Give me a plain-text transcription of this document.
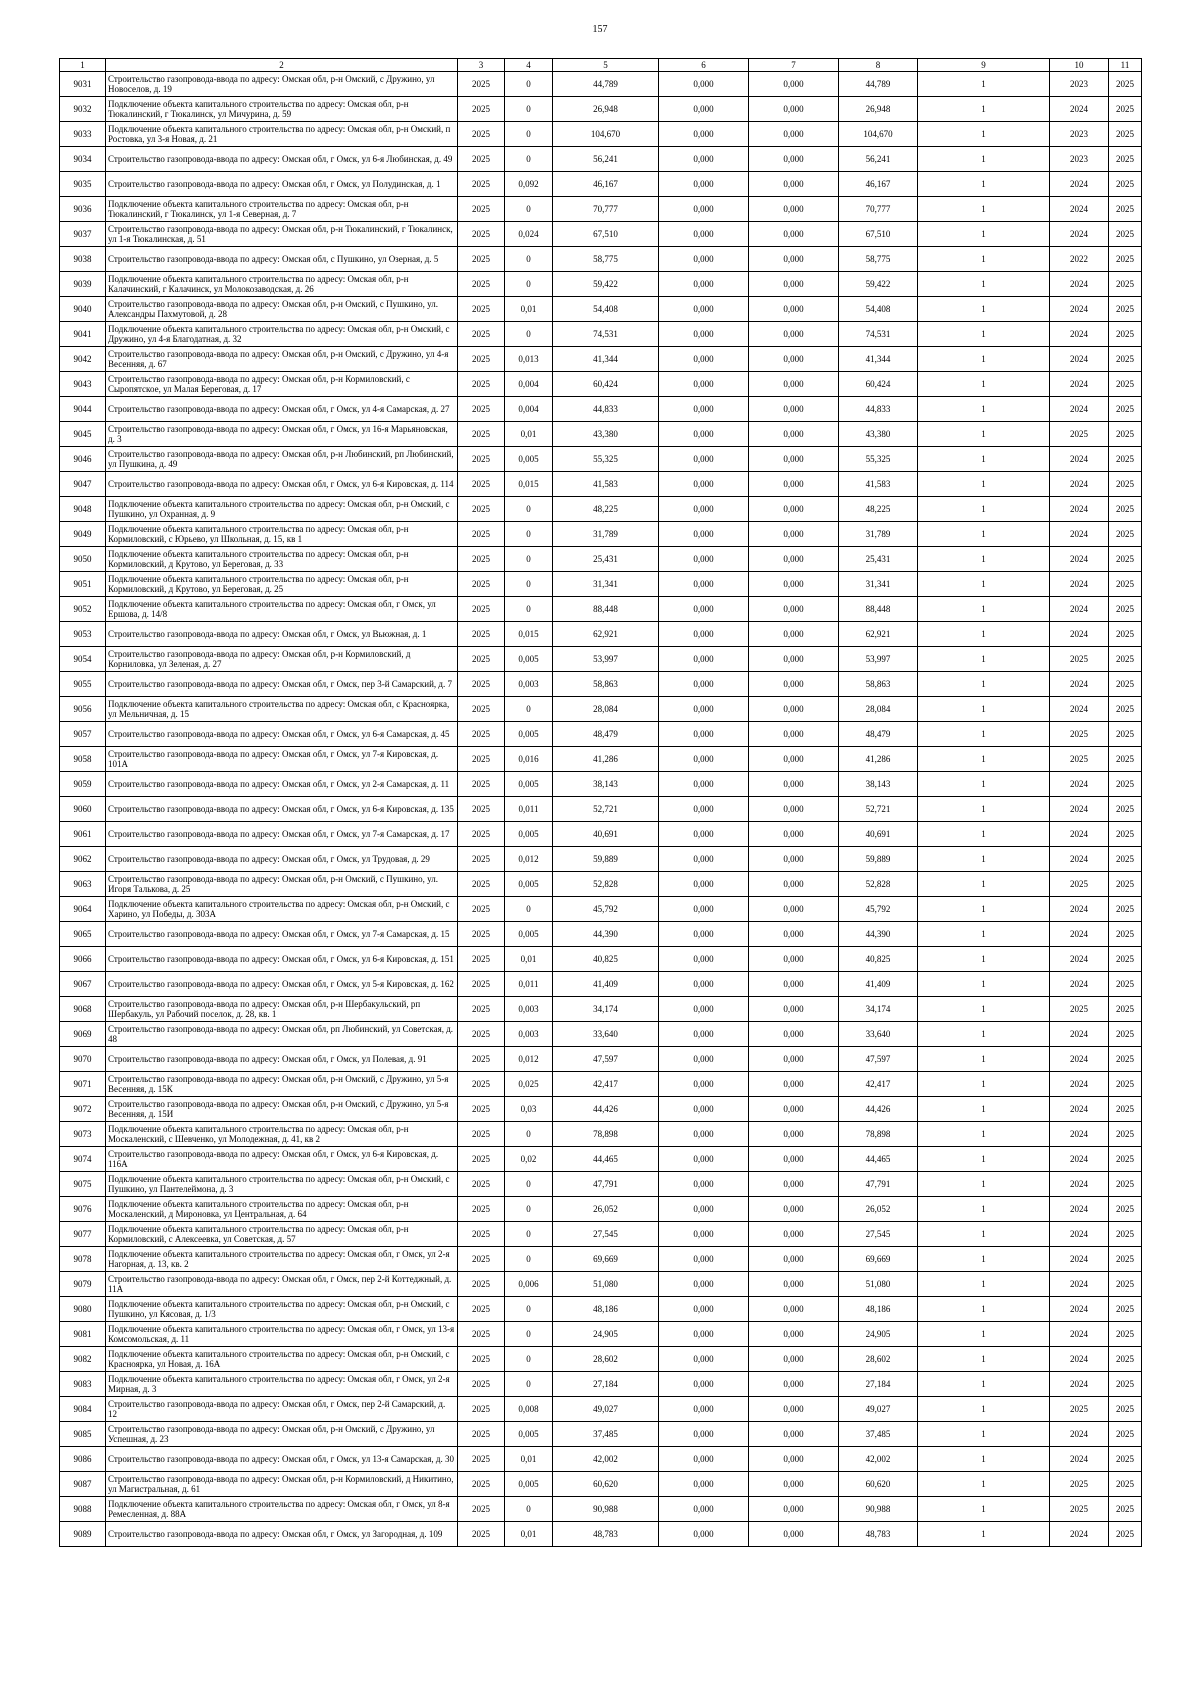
157
1	2	3	4	5	6	7	8	9	10	11
9031	Строительство газопровода-ввода по адресу: Омская обл, р-н Омский, с Дружино, ул Новоселов, д. 19	2025	0	44,789	0,000	0,000	44,789	1	2023	2025
9032	Подключение объекта капитального строительства по адресу: Омская обл, р-н Тюкалинский, г Тюкалинск, ул Мичурина, д. 59	2025	0	26,948	0,000	0,000	26,948	1	2024	2025
9033	Подключение объекта капитального строительства по адресу: Омская обл, р-н Омский, п Ростовка, ул 3-я Новая, д. 21	2025	0	104,670	0,000	0,000	104,670	1	2023	2025
9034	Строительство газопровода-ввода по адресу: Омская обл, г Омск, ул 6-я Любинская, д. 49	2025	0	56,241	0,000	0,000	56,241	1	2023	2025
9035	Строительство газопровода-ввода по адресу: Омская обл, г Омск, ул Полудинская, д. 1	2025	0,092	46,167	0,000	0,000	46,167	1	2024	2025
9036	Подключение объекта капитального строительства по адресу: Омская обл, р-н Тюкалинский, г Тюкалинск, ул 1-я Северная, д. 7	2025	0	70,777	0,000	0,000	70,777	1	2024	2025
9037	Строительство газопровода-ввода по адресу: Омская обл, р-н Тюкалинский, г Тюкалинск, ул 1-я Тюкалинская, д. 51	2025	0,024	67,510	0,000	0,000	67,510	1	2024	2025
9038	Строительство газопровода-ввода по адресу: Омская обл, с Пушкино, ул Озерная, д. 5	2025	0	58,775	0,000	0,000	58,775	1	2022	2025
9039	Подключение объекта капитального строительства по адресу: Омская обл, р-н Калачинский, г Калачинск, ул Молокозаводская, д. 26	2025	0	59,422	0,000	0,000	59,422	1	2024	2025
9040	Строительство газопровода-ввода по адресу: Омская обл, р-н Омский, с Пушкино, ул. Александры Пахмутовой, д. 28	2025	0,01	54,408	0,000	0,000	54,408	1	2024	2025
9041	Подключение объекта капитального строительства по адресу: Омская обл, р-н Омский, с Дружино, ул 4-я Благодатная, д. 32	2025	0	74,531	0,000	0,000	74,531	1	2024	2025
9042	Строительство газопровода-ввода по адресу: Омская обл, р-н Омский, с Дружино, ул 4-я Весенняя, д. 67	2025	0,013	41,344	0,000	0,000	41,344	1	2024	2025
9043	Строительство газопровода-ввода по адресу: Омская обл, р-н Кормиловский, с Сыропятское, ул Малая Береговая, д. 17	2025	0,004	60,424	0,000	0,000	60,424	1	2024	2025
9044	Строительство газопровода-ввода по адресу: Омская обл, г Омск, ул 4-я Самарская, д. 27	2025	0,004	44,833	0,000	0,000	44,833	1	2024	2025
9045	Строительство газопровода-ввода по адресу: Омская обл, г Омск, ул 16-я Марьяновская, д. 3	2025	0,01	43,380	0,000	0,000	43,380	1	2025	2025
9046	Строительство газопровода-ввода по адресу: Омская обл, р-н Любинский, рп Любинский, ул Пушкина, д. 49	2025	0,005	55,325	0,000	0,000	55,325	1	2024	2025
9047	Строительство газопровода-ввода по адресу: Омская обл, г Омск, ул 6-я Кировская, д. 114	2025	0,015	41,583	0,000	0,000	41,583	1	2024	2025
9048	Подключение объекта капитального строительства по адресу: Омская обл, р-н Омский, с Пушкино, ул Охранная, д. 9	2025	0	48,225	0,000	0,000	48,225	1	2024	2025
9049	Подключение объекта капитального строительства по адресу: Омская обл, р-н Кормиловский, с Юрьево, ул Школьная, д. 15, кв 1	2025	0	31,789	0,000	0,000	31,789	1	2024	2025
9050	Подключение объекта капитального строительства по адресу: Омская обл, р-н Кормиловский, д Крутово, ул Береговая, д. 33	2025	0	25,431	0,000	0,000	25,431	1	2024	2025
9051	Подключение объекта капитального строительства по адресу: Омская обл, р-н Кормиловский, д Крутово, ул Береговая, д. 25	2025	0	31,341	0,000	0,000	31,341	1	2024	2025
9052	Подключение объекта капитального строительства по адресу: Омская обл, г Омск, ул Ершова, д. 14/8	2025	0	88,448	0,000	0,000	88,448	1	2024	2025
9053	Строительство газопровода-ввода по адресу: Омская обл, г Омск, ул Вьюжная, д. 1	2025	0,015	62,921	0,000	0,000	62,921	1	2024	2025
9054	Строительство газопровода-ввода по адресу: Омская обл, р-н Кормиловский, д Корниловка, ул Зеленая, д. 27	2025	0,005	53,997	0,000	0,000	53,997	1	2025	2025
9055	Строительство газопровода-ввода по адресу: Омская обл, г Омск, пер 3-й Самарский, д. 7	2025	0,003	58,863	0,000	0,000	58,863	1	2024	2025
9056	Подключение объекта капитального строительства по адресу: Омская обл, с Красноярка, ул Мельничная, д. 15	2025	0	28,084	0,000	0,000	28,084	1	2024	2025
9057	Строительство газопровода-ввода по адресу: Омская обл, г Омск, ул 6-я Самарская, д. 45	2025	0,005	48,479	0,000	0,000	48,479	1	2025	2025
9058	Строительство газопровода-ввода по адресу: Омская обл, г Омск, ул 7-я Кировская, д. 101А	2025	0,016	41,286	0,000	0,000	41,286	1	2025	2025
9059	Строительство газопровода-ввода по адресу: Омская обл, г Омск, ул 2-я Самарская, д. 11	2025	0,005	38,143	0,000	0,000	38,143	1	2024	2025
9060	Строительство газопровода-ввода по адресу: Омская обл, г Омск, ул 6-я Кировская, д. 135	2025	0,011	52,721	0,000	0,000	52,721	1	2024	2025
9061	Строительство газопровода-ввода по адресу: Омская обл, г Омск, ул 7-я Самарская, д. 17	2025	0,005	40,691	0,000	0,000	40,691	1	2024	2025
9062	Строительство газопровода-ввода по адресу: Омская обл, г Омск, ул Трудовая, д. 29	2025	0,012	59,889	0,000	0,000	59,889	1	2024	2025
9063	Строительство газопровода-ввода по адресу: Омская обл, р-н Омский, с Пушкино, ул. Игоря Талькова, д. 25	2025	0,005	52,828	0,000	0,000	52,828	1	2025	2025
9064	Подключение объекта капитального строительства по адресу: Омская обл, р-н Омский, с Харино, ул Победы, д. 303А	2025	0	45,792	0,000	0,000	45,792	1	2024	2025
9065	Строительство газопровода-ввода по адресу: Омская обл, г Омск, ул 7-я Самарская, д. 15	2025	0,005	44,390	0,000	0,000	44,390	1	2024	2025
9066	Строительство газопровода-ввода по адресу: Омская обл, г Омск, ул 6-я Кировская, д. 151	2025	0,01	40,825	0,000	0,000	40,825	1	2024	2025
9067	Строительство газопровода-ввода по адресу: Омская обл, г Омск, ул 5-я Кировская, д. 162	2025	0,011	41,409	0,000	0,000	41,409	1	2024	2025
9068	Строительство газопровода-ввода по адресу: Омская обл, р-н Шербакульский, рп Шербакуль, ул Рабочий поселок, д. 28, кв. 1	2025	0,003	34,174	0,000	0,000	34,174	1	2025	2025
9069	Строительство газопровода-ввода по адресу: Омская обл, рп Любинский, ул Советская, д. 48	2025	0,003	33,640	0,000	0,000	33,640	1	2024	2025
9070	Строительство газопровода-ввода по адресу: Омская обл, г Омск, ул Полевая, д. 91	2025	0,012	47,597	0,000	0,000	47,597	1	2024	2025
9071	Строительство газопровода-ввода по адресу: Омская обл, р-н Омский, с Дружино, ул 5-я Весенняя, д. 15К	2025	0,025	42,417	0,000	0,000	42,417	1	2024	2025
9072	Строительство газопровода-ввода по адресу: Омская обл, р-н Омский, с Дружино, ул 5-я Весенняя, д. 15И	2025	0,03	44,426	0,000	0,000	44,426	1	2024	2025
9073	Подключение объекта капитального строительства по адресу: Омская обл, р-н Москаленский, с Шевченко, ул Молодежная, д. 41, кв 2	2025	0	78,898	0,000	0,000	78,898	1	2024	2025
9074	Строительство газопровода-ввода по адресу: Омская обл, г Омск, ул 6-я Кировская, д. 116А	2025	0,02	44,465	0,000	0,000	44,465	1	2024	2025
9075	Подключение объекта капитального строительства по адресу: Омская обл, р-н Омский, с Пушкино, ул Пантелеймона, д. 3	2025	0	47,791	0,000	0,000	47,791	1	2024	2025
9076	Подключение объекта капитального строительства по адресу: Омская обл, р-н Москаленский, д Мироновка, ул Центральная, д. 64	2025	0	26,052	0,000	0,000	26,052	1	2024	2025
9077	Подключение объекта капитального строительства по адресу: Омская обл, р-н Кормиловский, с Алексеевка, ул Советская, д. 57	2025	0	27,545	0,000	0,000	27,545	1	2024	2025
9078	Подключение объекта капитального строительства по адресу: Омская обл, г Омск, ул 2-я Нагорная, д. 13, кв. 2	2025	0	69,669	0,000	0,000	69,669	1	2024	2025
9079	Строительство газопровода-ввода по адресу: Омская обл, г Омск, пер 2-й Коттеджный, д. 11А	2025	0,006	51,080	0,000	0,000	51,080	1	2024	2025
9080	Подключение объекта капитального строительства по адресу: Омская обл, р-н Омский, с Пушкино, ул Кясовая, д. 1/3	2025	0	48,186	0,000	0,000	48,186	1	2024	2025
9081	Подключение объекта капитального строительства по адресу: Омская обл, г Омск, ул 13-я Комсомольская, д. 11	2025	0	24,905	0,000	0,000	24,905	1	2024	2025
9082	Подключение объекта капитального строительства по адресу: Омская обл, р-н Омский, с Красноярка, ул Новая, д. 16А	2025	0	28,602	0,000	0,000	28,602	1	2024	2025
9083	Подключение объекта капитального строительства по адресу: Омская обл, г Омск, ул 2-я Мирная, д. 3	2025	0	27,184	0,000	0,000	27,184	1	2024	2025
9084	Строительство газопровода-ввода по адресу: Омская обл, г Омск, пер 2-й Самарский, д. 12	2025	0,008	49,027	0,000	0,000	49,027	1	2025	2025
9085	Строительство газопровода-ввода по адресу: Омская обл, р-н Омский, с Дружино, ул Успешная, д. 23	2025	0,005	37,485	0,000	0,000	37,485	1	2024	2025
9086	Строительство газопровода-ввода по адресу: Омская обл, г Омск, ул 13-я Самарская, д. 30	2025	0,01	42,002	0,000	0,000	42,002	1	2024	2025
9087	Строительство газопровода-ввода по адресу: Омская обл, р-н Кормиловский, д Никитино, ул Магистральная, д. 61	2025	0,005	60,620	0,000	0,000	60,620	1	2025	2025
9088	Подключение объекта капитального строительства по адресу: Омская обл, г Омск, ул 8-я Ремесленная, д. 88А	2025	0	90,988	0,000	0,000	90,988	1	2025	2025
9089	Строительство газопровода-ввода по адресу: Омская обл, г Омск, ул Загородная, д. 109	2025	0,01	48,783	0,000	0,000	48,783	1	2024	2025
